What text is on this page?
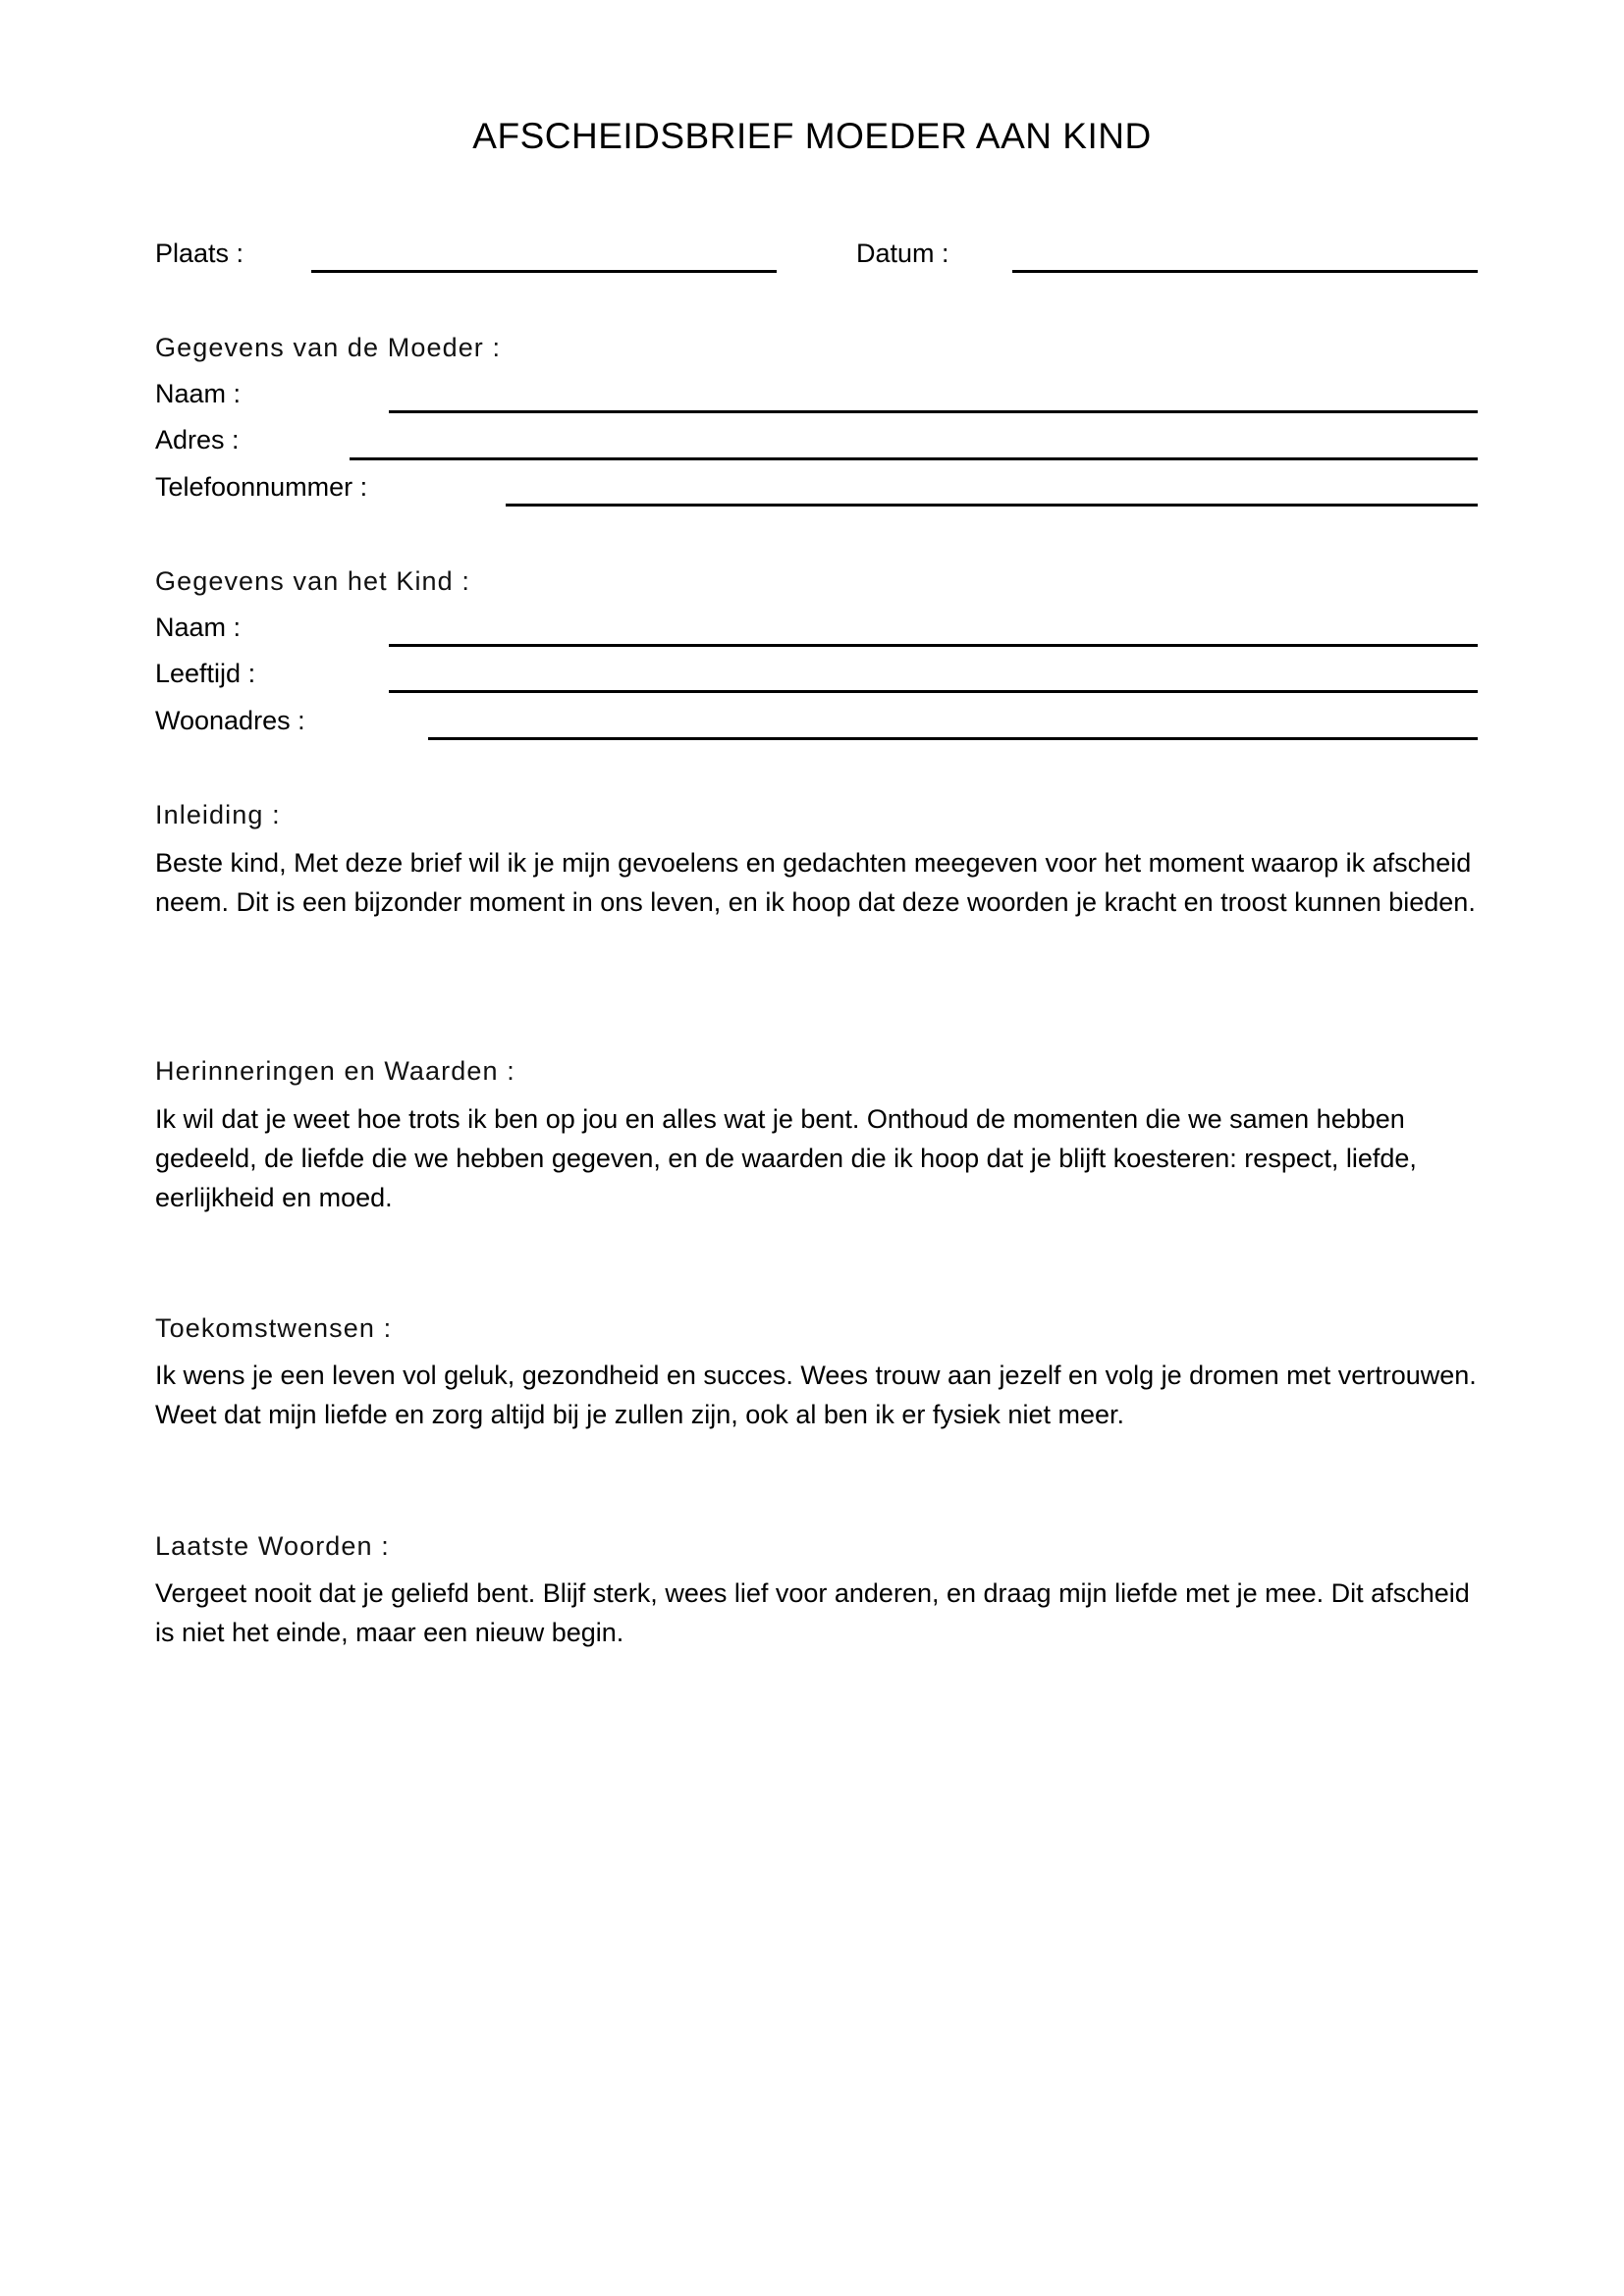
AFSCHEIDSBRIEF MOEDER AAN KIND
Plaats :	Datum :
Gegevens van de Moeder :
Naam :
Adres :
Telefoonnummer :
Gegevens van het Kind :
Naam :
Leeftijd :
Woonadres :
Inleiding :
Beste kind, Met deze brief wil ik je mijn gevoelens en gedachten meegeven voor het moment waarop ik afscheid neem. Dit is een bijzonder moment in ons leven, en ik hoop dat deze woorden je kracht en troost kunnen bieden.
Herinneringen en Waarden :
Ik wil dat je weet hoe trots ik ben op jou en alles wat je bent. Onthoud de momenten die we samen hebben gedeeld, de liefde die we hebben gegeven, en de waarden die ik hoop dat je blijft koesteren: respect, liefde, eerlijkheid en moed.
Toekomstwensen :
Ik wens je een leven vol geluk, gezondheid en succes. Wees trouw aan jezelf en volg je dromen met vertrouwen. Weet dat mijn liefde en zorg altijd bij je zullen zijn, ook al ben ik er fysiek niet meer.
Laatste Woorden :
Vergeet nooit dat je geliefd bent. Blijf sterk, wees lief voor anderen, en draag mijn liefde met je mee. Dit afscheid is niet het einde, maar een nieuw begin.
